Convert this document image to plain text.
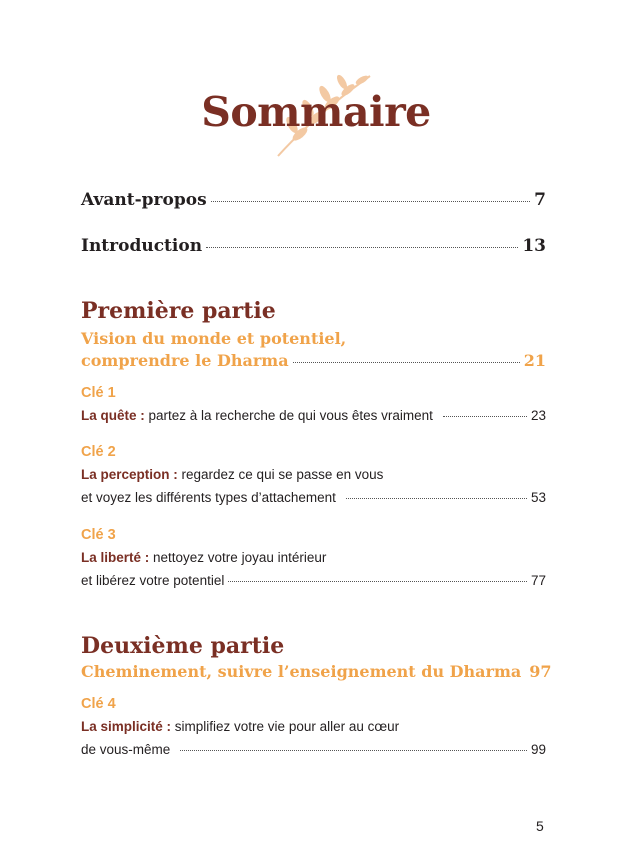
Sommaire
Avant-propos	7
Introduction	13
Première partie
Vision du monde et potentiel,
comprendre le Dharma	21
Clé 1
La quête : partez à la recherche de qui vous êtes vraiment	23
Clé 2
La perception : regardez ce qui se passe en vous
et voyez les différents types d’attachement	53
Clé 3
La liberté : nettoyez votre joyau intérieur
et libérez votre potentiel	77
Deuxième partie
Cheminement, suivre l’enseignement du Dharma 97
Clé 4
La simplicité : simplifiez votre vie pour aller au cœur
de vous-même	99
5
